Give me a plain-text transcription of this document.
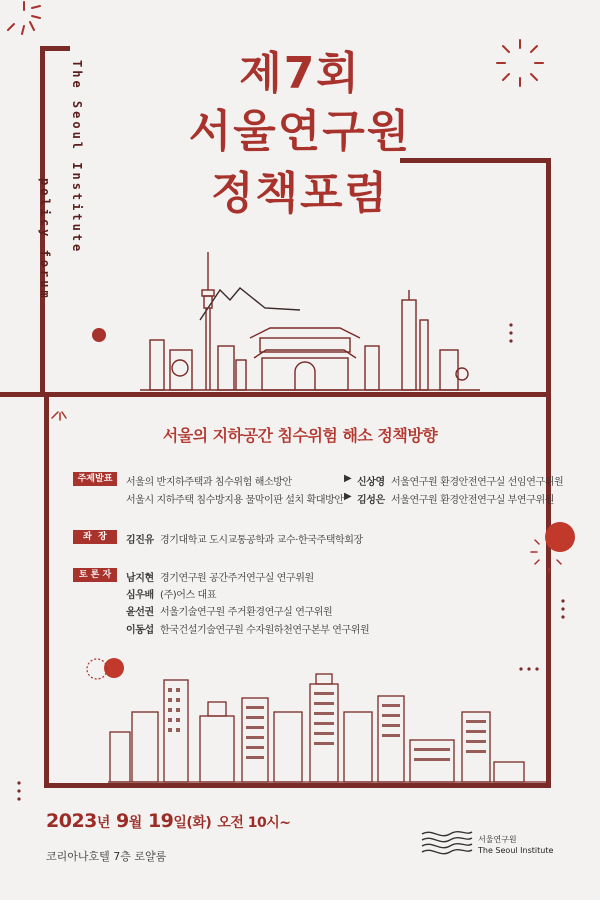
제7회
서울연구원
정책포럼
The Seoul Institute
policy forum
서울의 지하공간 침수위험 해소 정책방향
주제발표	서울의 반지하주택과 침수위험 해소방안	▶ 신상영 서울연구원 환경안전연구실 선임연구위원
서울시 지하주택 침수방지용 물막이판 설치 확대방안 ▶ 김성은 서울연구원 환경안전연구실 부연구위원
좌  장	김진유 경기대학교 도시교통공학과 교수·한국주택학회장
토 론 자	남지현 경기연구원 공간주거연구실 연구위원
심우배 (주)어스 대표
윤선권 서울기술연구원 주거환경연구실 연구위원
이동섭 한국건설기술연구원 수자원하천연구본부 연구위원
2023년 9월 19일(화) 오전 10시~
코리아나호텔 7층 로얄룸
서울연구원
The Seoul Institute
